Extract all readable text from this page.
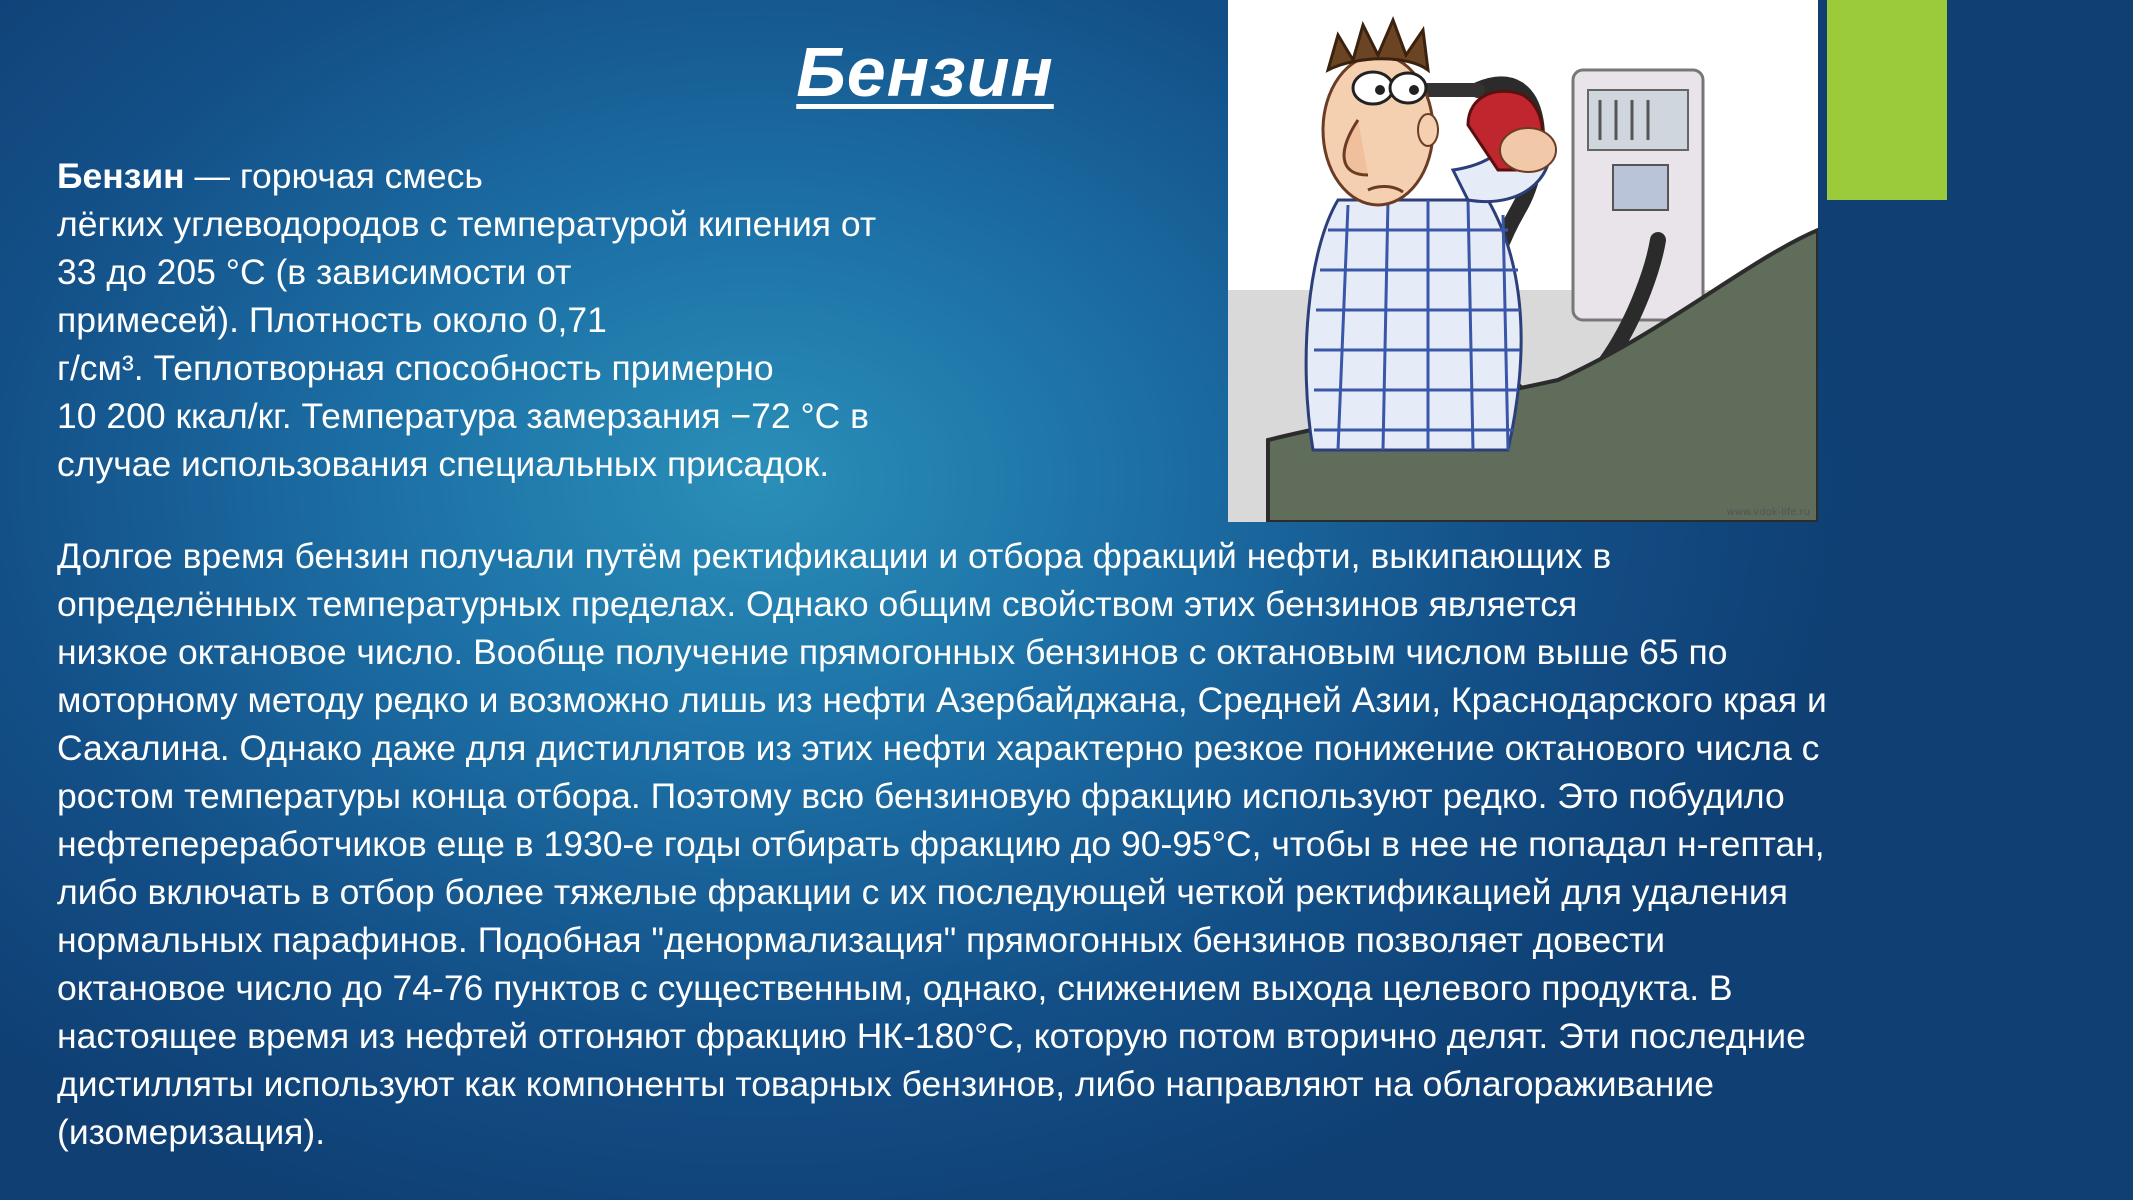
Бензин
Бензин — горючая смесь
лёгких углеводородов с температурой кипения от
33 до 205 °C (в зависимости от
примесей). Плотность около 0,71
г/см³. Теплотворная способность примерно
10 200 ккал/кг. Температура замерзания −72 °C в
случае использования специальных присадок.
Долгое время бензин получали путём ректификации и отбора фракций нефти, выкипающих в
определённых температурных пределах. Однако общим свойством этих бензинов является
низкое октановое число. Вообще получение прямогонных бензинов с октановым числом выше 65 по
моторному методу редко и возможно лишь из нефти Азербайджана, Средней Азии, Краснодарского края и
Сахалина. Однако даже для дистиллятов из этих нефти характерно резкое понижение октанового числа с
ростом температуры конца отбора. Поэтому всю бензиновую фракцию используют редко. Это побудило
нефтепереработчиков еще в 1930-е годы отбирать фракцию до 90-95°С, чтобы в нее не попадал н-гептан,
либо включать в отбор более тяжелые фракции с их последующей четкой ректификацией для удаления
нормальных парафинов. Подобная "денормализация" прямогонных бензинов позволяет довести
октановое число до 74-76 пунктов с существенным, однако, снижением выхода целевого продукта. В
настоящее время из нефтей отгоняют фракцию НК-180°С, которую потом вторично делят. Эти последние
дистилляты используют как компоненты товарных бензинов, либо направляют на облагораживание
(изомеризация).
www.vdok-life.ru
